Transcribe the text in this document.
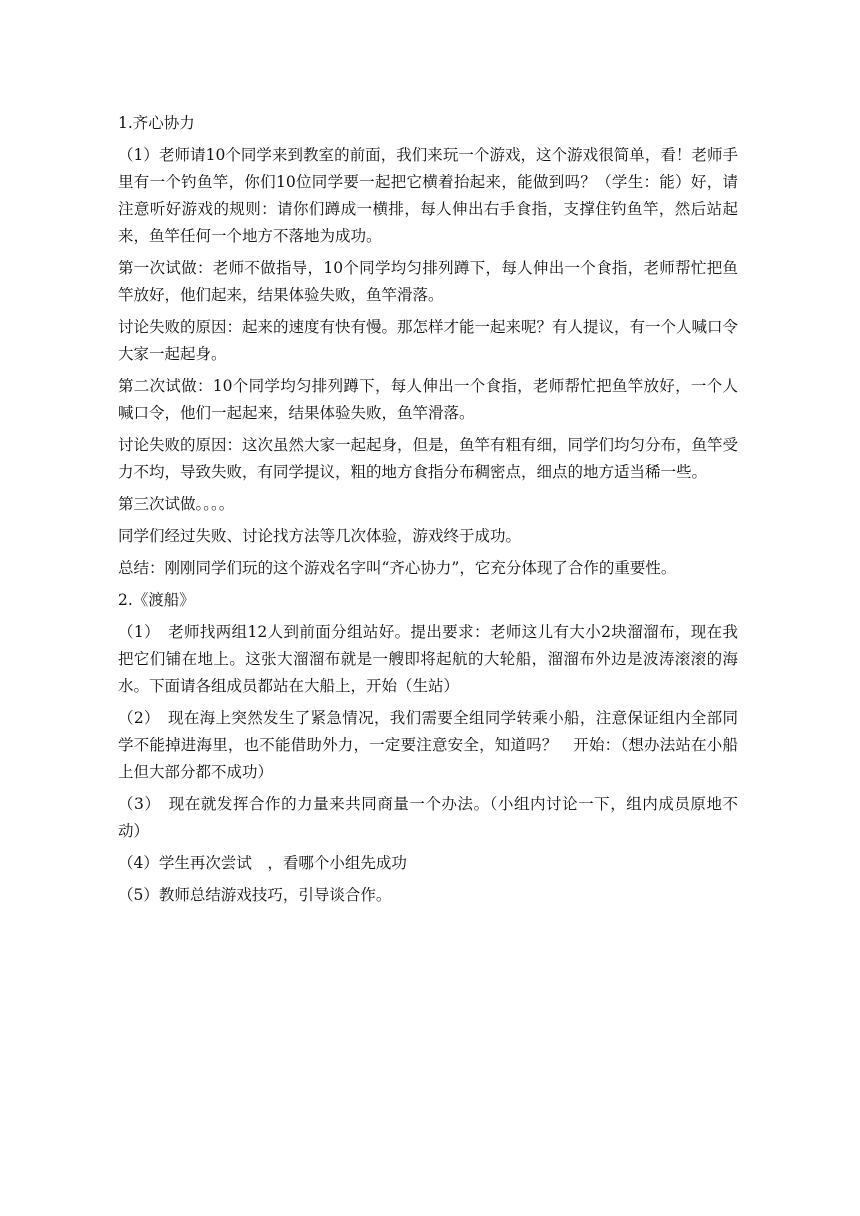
1.齐心协力

（1）老师请10个同学来到教室的前面，我们来玩一个游戏，这个游戏很简单，看！老师手里有一个钓鱼竿，你们10位同学要一起把它横着抬起来，能做到吗？（学生：能）好，请注意听好游戏的规则：请你们蹲成一横排，每人伸出右手食指，支撑住钓鱼竿，然后站起来，鱼竿任何一个地方不落地为成功。

第一次试做：老师不做指导，10个同学均匀排列蹲下，每人伸出一个食指，老师帮忙把鱼竿放好，他们起来，结果体验失败，鱼竿滑落。

讨论失败的原因：起来的速度有快有慢。那怎样才能一起来呢？有人提议，有一个人喊口令大家一起起身。

第二次试做：10个同学均匀排列蹲下，每人伸出一个食指，老师帮忙把鱼竿放好，一个人喊口令，他们一起起来，结果体验失败，鱼竿滑落。

讨论失败的原因：这次虽然大家一起起身，但是，鱼竿有粗有细，同学们均匀分布，鱼竿受力不均，导致失败，有同学提议，粗的地方食指分布稠密点，细点的地方适当稀一些。

第三次试做。。。。

同学们经过失败、讨论找方法等几次体验，游戏终于成功。

总结：刚刚同学们玩的这个游戏名字叫“齐心协力”，它充分体现了合作的重要性。

2.《渡船》

（1）　老师找两组12人到前面分组站好。提出要求：老师这儿有大小2块溜溜布，现在我把它们铺在地上。这张大溜溜布就是一艘即将起航的大轮船，溜溜布外边是波涛滚滚的海水。下面请各组成员都站在大船上，开始（生站）

（2）　现在海上突然发生了紧急情况，我们需要全组同学转乘小船，注意保证组内全部同学不能掉进海里，也不能借助外力，一定要注意安全，知道吗？　开始：（想办法站在小船上但大部分都不成功）

（3）　现在就发挥合作的力量来共同商量一个办法。（小组内讨论一下，组内成员原地不动）

（4）学生再次尝试　，看哪个小组先成功

（5）教师总结游戏技巧，引导谈合作。
